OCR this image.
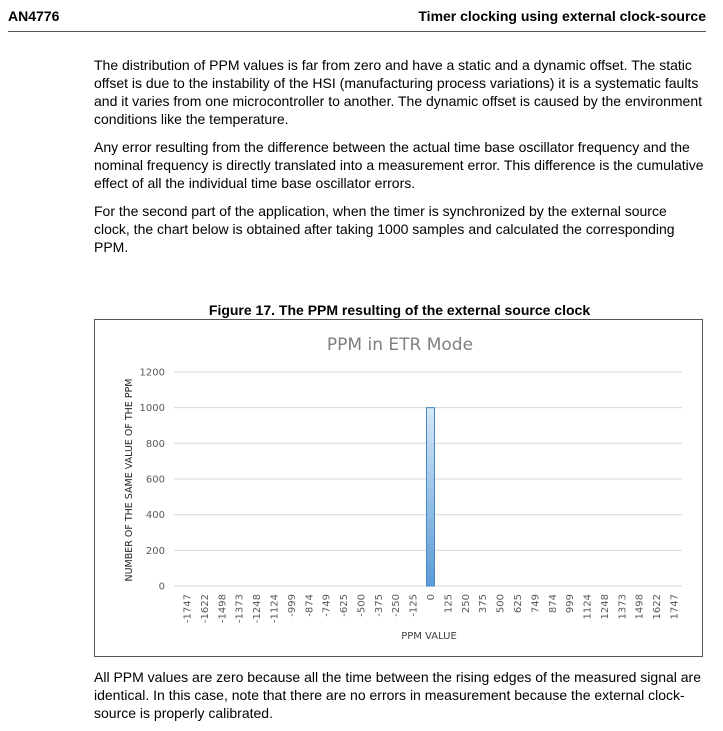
AN4776	Timer clocking using external clock-source
The distribution of PPM values is far from zero and have a static and a dynamic offset. The static offset is due to the instability of the HSI (manufacturing process variations) it is a systematic faults and it varies from one microcontroller to another. The dynamic offset is caused by the environment conditions like the temperature.
Any error resulting from the difference between the actual time base oscillator frequency and the nominal frequency is directly translated into a measurement error. This difference is the cumulative effect of all the individual time base oscillator errors.
For the second part of the application, when the timer is synchronized by the external source clock, the chart below is obtained after taking 1000 samples and calculated the corresponding PPM.
Figure 17. The PPM resulting of the external source clock
0
200
400
600
800
1000
1200
-1747 -1622 -1498 -1373 -1248 -1124 -999 -874 -749 -625 -500 -375 -250 -125 0 125 250 375 500 625 749 874 999 1124 1248 1373 1498 1622 1747
PPM in ETR Mode
PPM VALUE
NUMBER OF THE SAME VALUE OF THE PPM
All PPM values are zero because all the time between the rising edges of the measured signal are identical. In this case, note that there are no errors in measurement because the external clock-source is properly calibrated.
